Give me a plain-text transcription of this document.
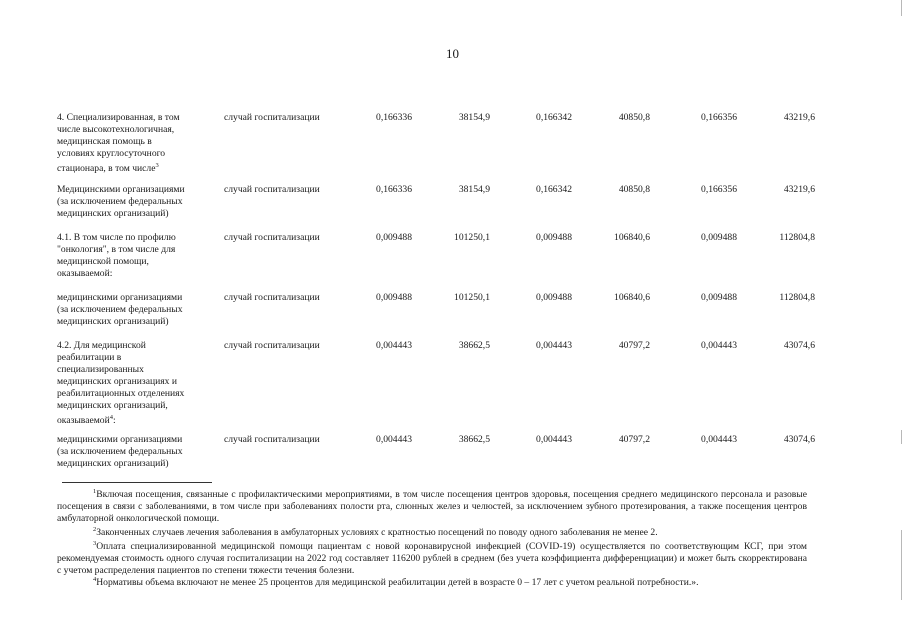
10
4. Специализированная, в том
числе высокотехнологичная,
медицинская помощь в
условиях круглосуточного
стационара, в том числе$^3$
случай госпитализации	0,166336	38154,9	0,166342	40850,8	0,166356	43219,6
Медицинскими организациями
(за исключением федеральных
медицинских организаций)
случай госпитализации	0,166336	38154,9	0,166342	40850,8	0,166356	43219,6
4.1. В том числе по профилю
"онкология", в том числе для
медицинской помощи,
оказываемой:
случай госпитализации	0,009488	101250,1	0,009488	106840,6	0,009488	112804,8
медицинскими организациями
(за исключением федеральных
медицинских организаций)
случай госпитализации	0,009488	101250,1	0,009488	106840,6	0,009488	112804,8
4.2. Для медицинской
реабилитации в
специализированных
медицинских организациях и
реабилитационных отделениях
медицинских организаций,
оказываемой$^4$:
случай госпитализации	0,004443	38662,5	0,004443	40797,2	0,004443	43074,6
медицинскими организациями
(за исключением федеральных
медицинских организаций)
случай госпитализации	0,004443	38662,5	0,004443	40797,2	0,004443	43074,6
$^1$Включая посещения, связанные с профилактическими мероприятиями, в том числе посещения центров здоровья, посещения среднего медицинского персонала и разовые посещения в связи с заболеваниями, в том числе при заболеваниях полости рта, слюнных желез и челюстей, за исключением зубного протезирования, а также посещения центров амбулаторной онкологической помощи.
$^2$Законченных случаев лечения заболевания в амбулаторных условиях с кратностью посещений по поводу одного заболевания не менее 2.
$^3$Оплата специализированной медицинской помощи пациентам с новой коронавирусной инфекцией (COVID-19) осуществляется по соответствующим КСГ, при этом рекомендуемая стоимость одного случая госпитализации на 2022 год составляет 116200 рублей в среднем (без учета коэффициента дифференциации) и может быть скорректирована с учетом распределения пациентов по степени тяжести течения болезни.
$^4$Нормативы объема включают не менее 25 процентов для медицинской реабилитации детей в возрасте 0 – 17 лет с учетом реальной потребности.».
